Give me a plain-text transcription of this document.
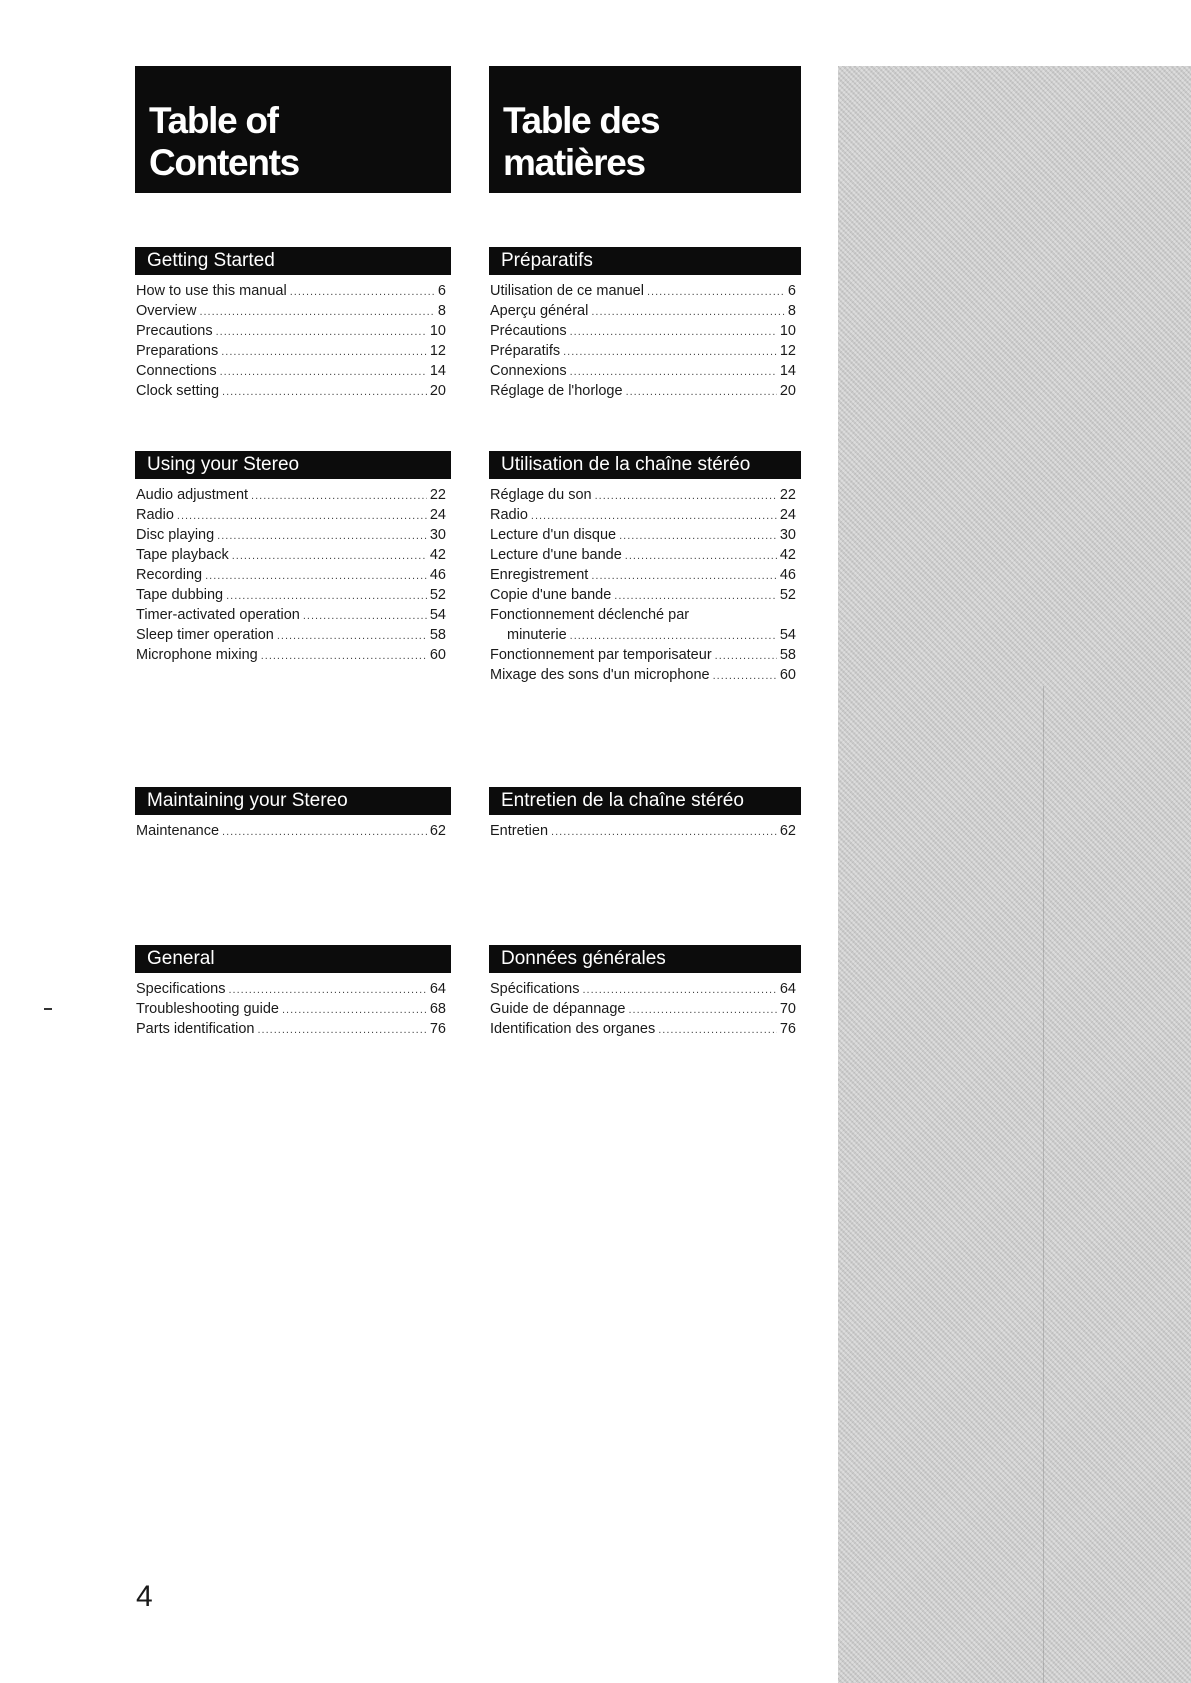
Table of
Contents
Table des
matières
Getting Started
How to use this manual .....	6
Overview .....	8
Precautions .....	10
Preparations .....	12
Connections .....	14
Clock setting .....	20
Using your Stereo
Audio adjustment .....	22
Radio .....	24
Disc playing .....	30
Tape playback .....	42
Recording .....	46
Tape dubbing .....	52
Timer-activated operation .....	54
Sleep timer operation .....	58
Microphone mixing .....	60
Maintaining your Stereo
Maintenance .....	62
General
Specifications .....	64
Troubleshooting guide .....	68
Parts identification .....	76
Préparatifs
Utilisation de ce manuel .....	6
Aperçu général .....	8
Précautions .....	10
Préparatifs .....	12
Connexions .....	14
Réglage de l'horloge .....	20
Utilisation de la chaîne stéréo
Réglage du son .....	22
Radio .....	24
Lecture d'un disque .....	30
Lecture d'une bande .....	42
Enregistrement .....	46
Copie d'une bande .....	52
Fonctionnement déclenché par
minuterie .....	54
Fonctionnement par temporisateur .....	58
Mixage des sons d'un microphone .....	60
Entretien de la chaîne stéréo
Entretien .....	62
Données générales
Spécifications .....	64
Guide de dépannage .....	70
Identification des organes .....	76
4
